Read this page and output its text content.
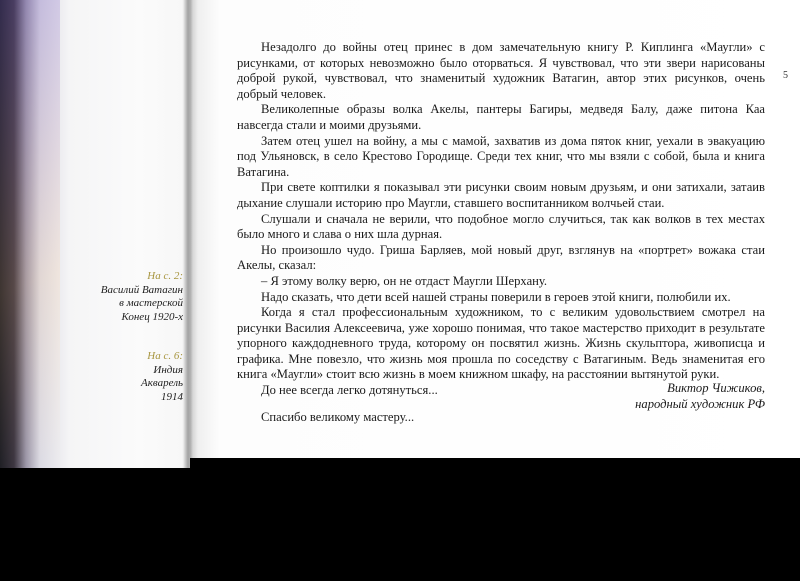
На с. 2:
Василий Ватагин
в мастерской
Конец 1920-х
На с. 6:
Индия
Акварель
1914
5

Незадолго до войны отец принес в дом замечательную книгу Р. Киплинга «Маугли» с рисунками, от которых невозможно было оторваться. Я чувствовал, что эти звери нарисованы доброй рукой, чувствовал, что знаменитый художник Ватагин, автор этих рисунков, очень добрый человек.

Великолепные образы волка Акелы, пантеры Багиры, медведя Балу, даже питона Каа навсегда стали и моими друзьями.

Затем отец ушел на войну, а мы с мамой, захватив из дома пяток книг, уехали в эвакуацию под Ульяновск, в село Крестово Городище. Среди тех книг, что мы взяли с собой, была и книга Ватагина.

При свете коптилки я показывал эти рисунки своим новым друзьям, и они затихали, затаив дыхание слушали историю про Маугли, ставшего воспитанником волчьей стаи.

Слушали и сначала не верили, что подобное могло случиться, так как волков в тех местах было много и слава о них шла дурная.

Но произошло чудо. Гриша Барляев, мой новый друг, взглянув на «портрет» вожака стаи Акелы, сказал:

– Я этому волку верю, он не отдаст Маугли Шерхану.

Надо сказать, что дети всей нашей страны поверили в героев этой книги, полюбили их.

Когда я стал профессиональным художником, то с великим удовольствием смотрел на рисунки Василия Алексеевича, уже хорошо понимая, что такое мастерство приходит в результате упорного каждодневного труда, которому он посвятил жизнь. Жизнь скульптора, живописца и графика. Мне повезло, что жизнь моя прошла по соседству с Ватагиным. Ведь знаменитая его книга «Маугли» стоит всю жизнь в моем книжном шкафу, на расстоянии вытянутой руки.

До нее всегда легко дотянуться...

Спасибо великому мастеру...

Виктор Чижиков,
народный художник РФ
